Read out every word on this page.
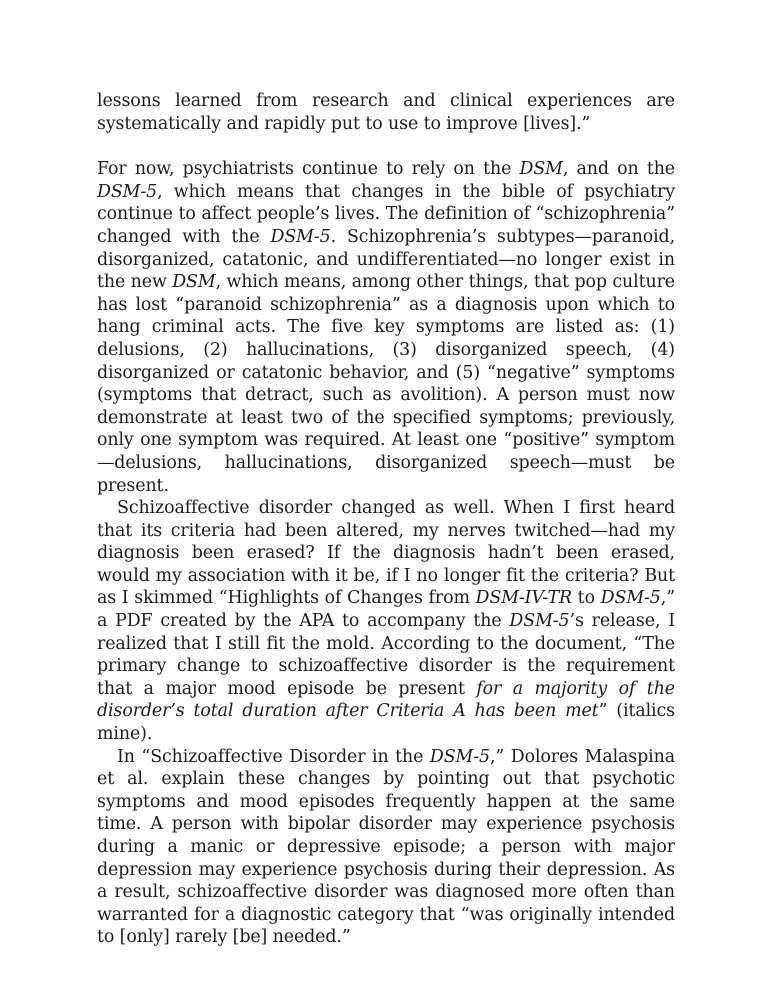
lessons learned from research and clinical experiences are systematically and rapidly put to use to improve [lives].”

For now, psychiatrists continue to rely on the DSM, and on the DSM-5, which means that changes in the bible of psychiatry continue to affect people’s lives. The definition of “schizophrenia” changed with the DSM-5. Schizophrenia’s subtypes—paranoid, disorganized, catatonic, and undifferentiated—no longer exist in the new DSM, which means, among other things, that pop culture has lost “paranoid schizophrenia” as a diagnosis upon which to hang criminal acts. The five key symptoms are listed as: (1) delusions, (2) hallucinations, (3) disorganized speech, (4) disorganized or catatonic behavior, and (5) “negative” symptoms (symptoms that detract, such as avolition). A person must now demonstrate at least two of the specified symptoms; previously, only one symptom was required. At least one “positive” symptom—delusions, hallucinations, disorganized speech—must be present.

Schizoaffective disorder changed as well. When I first heard that its criteria had been altered, my nerves twitched—had my diagnosis been erased? If the diagnosis hadn’t been erased, would my association with it be, if I no longer fit the criteria? But as I skimmed “Highlights of Changes from DSM-IV-TR to DSM-5,” a PDF created by the APA to accompany the DSM-5’s release, I realized that I still fit the mold. According to the document, “The primary change to schizoaffective disorder is the requirement that a major mood episode be present for a majority of the disorder’s total duration after Criteria A has been met” (italics mine).

In “Schizoaffective Disorder in the DSM-5,” Dolores Malaspina et al. explain these changes by pointing out that psychotic symptoms and mood episodes frequently happen at the same time. A person with bipolar disorder may experience psychosis during a manic or depressive episode; a person with major depression may experience psychosis during their depression. As a result, schizoaffective disorder was diagnosed more often than warranted for a diagnostic category that “was originally intended to [only] rarely [be] needed.”
